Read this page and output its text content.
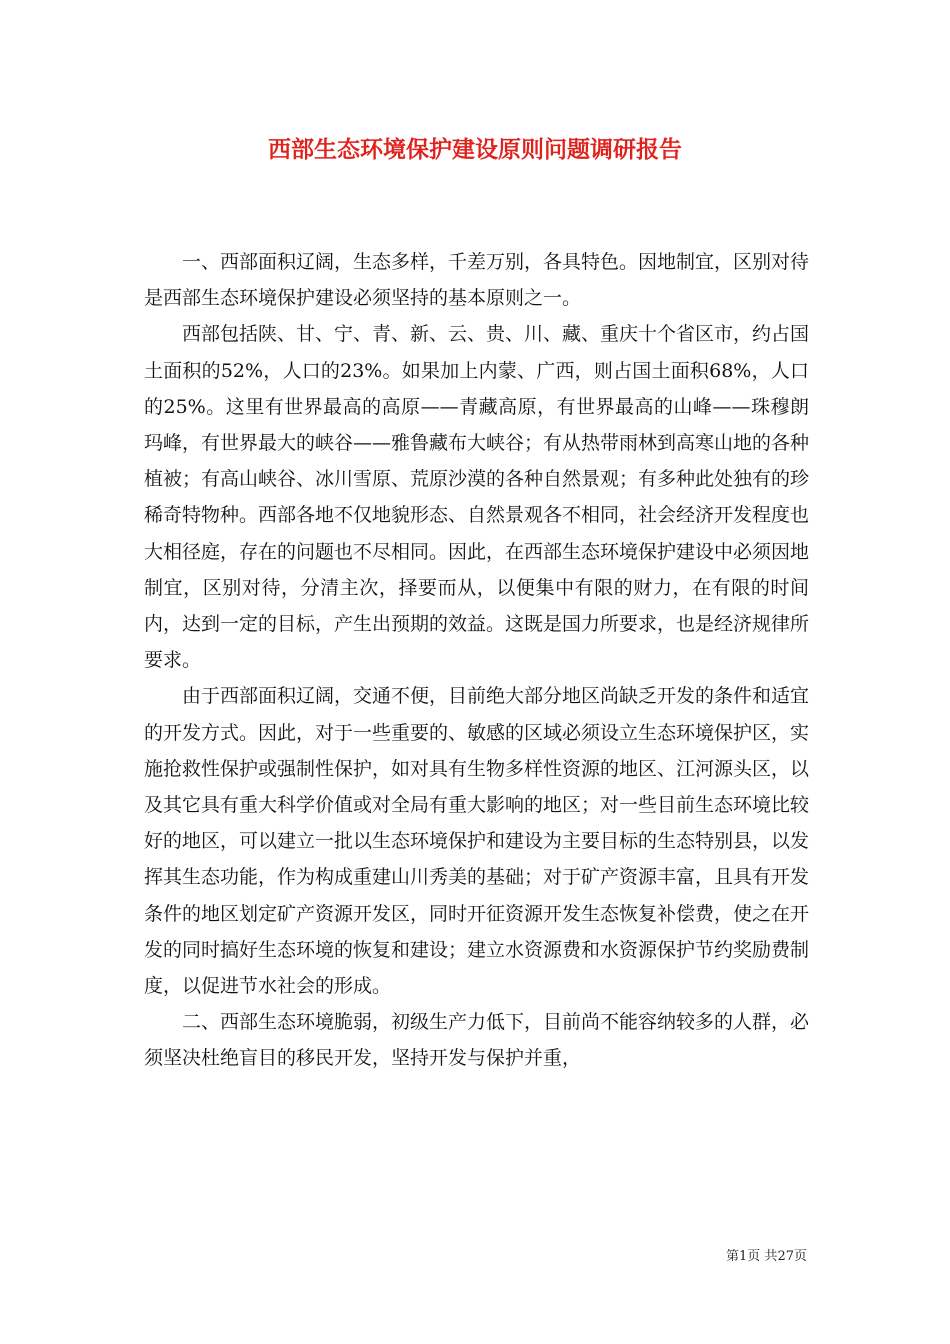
西部生态环境保护建设原则问题调研报告

一、西部面积辽阔，生态多样，千差万别，各具特色。因地制宜，区别对待是西部生态环境保护建设必须坚持的基本原则之一。

西部包括陕、甘、宁、青、新、云、贵、川、藏、重庆十个省区市，约占国土面积的52%，人口的23%。如果加上内蒙、广西，则占国土面积68%，人口的25%。这里有世界最高的高原——青藏高原，有世界最高的山峰——珠穆朗玛峰，有世界最大的峡谷——雅鲁藏布大峡谷；有从热带雨林到高寒山地的各种植被；有高山峡谷、冰川雪原、荒原沙漠的各种自然景观；有多种此处独有的珍稀奇特物种。西部各地不仅地貌形态、自然景观各不相同，社会经济开发程度也大相径庭，存在的问题也不尽相同。因此，在西部生态环境保护建设中必须因地制宜，区别对待，分清主次，择要而从，以便集中有限的财力，在有限的时间内，达到一定的目标，产生出预期的效益。这既是国力所要求，也是经济规律所要求。

由于西部面积辽阔，交通不便，目前绝大部分地区尚缺乏开发的条件和适宜的开发方式。因此，对于一些重要的、敏感的区域必须设立生态环境保护区，实施抢救性保护或强制性保护，如对具有生物多样性资源的地区、江河源头区，以及其它具有重大科学价值或对全局有重大影响的地区；对一些目前生态环境比较好的地区，可以建立一批以生态环境保护和建设为主要目标的生态特别县，以发挥其生态功能，作为构成重建山川秀美的基础；对于矿产资源丰富，且具有开发条件的地区划定矿产资源开发区，同时开征资源开发生态恢复补偿费，使之在开发的同时搞好生态环境的恢复和建设；建立水资源费和水资源保护节约奖励费制度，以促进节水社会的形成。

二、西部生态环境脆弱，初级生产力低下，目前尚不能容纳较多的人群，必须坚决杜绝盲目的移民开发，坚持开发与保护并重，

第1页 共27页
